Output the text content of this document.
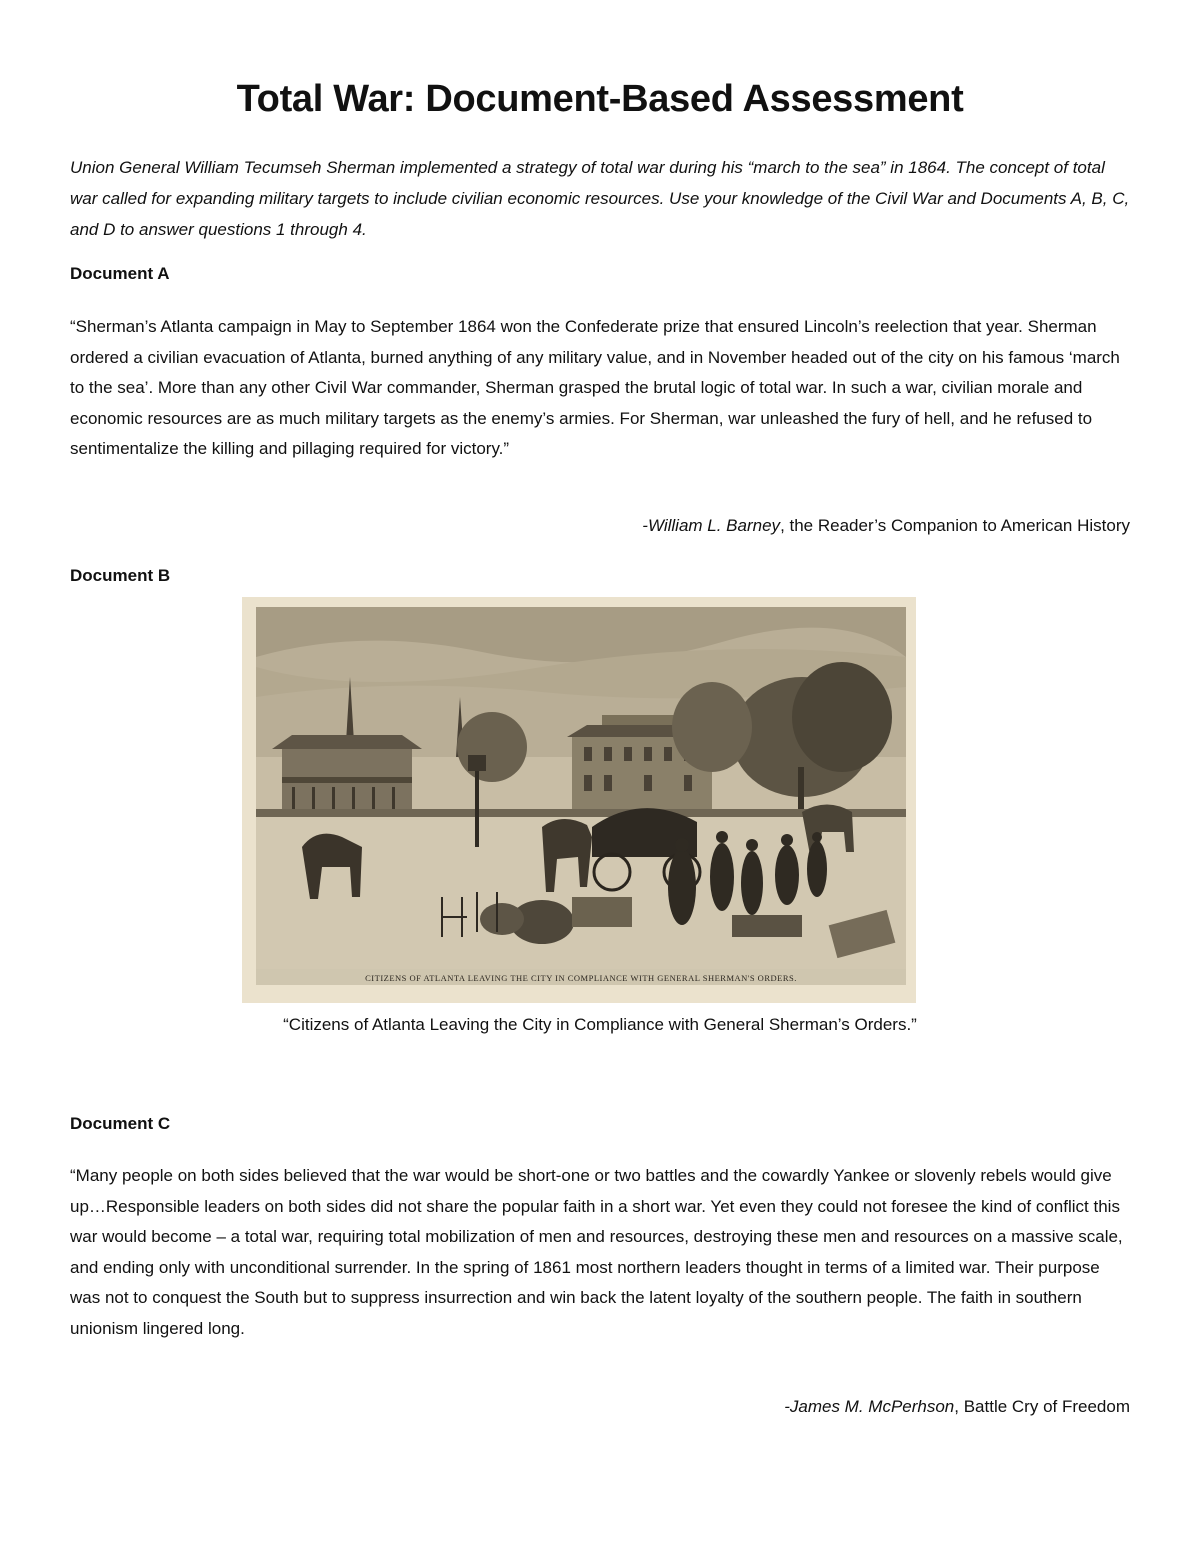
Total War: Document-Based Assessment

Union General William Tecumseh Sherman implemented a strategy of total war during his “march to the sea” in 1864. The concept of total war called for expanding military targets to include civilian economic resources. Use your knowledge of the Civil War and Documents A, B, C, and D to answer questions 1 through 4.

Document A

“Sherman’s Atlanta campaign in May to September 1864 won the Confederate prize that ensured Lincoln’s reelection that year. Sherman ordered a civilian evacuation of Atlanta, burned anything of any military value, and in November headed out of the city on his famous ‘march to the sea’. More than any other Civil War commander, Sherman grasped the brutal logic of total war. In such a war, civilian morale and economic resources are as much military targets as the enemy’s armies. For Sherman, war unleashed the fury of hell, and he refused to sentimentalize the killing and pillaging required for victory.”

-William L. Barney, the Reader’s Companion to American History

Document B

CITIZENS OF ATLANTA LEAVING THE CITY IN COMPLIANCE WITH GENERAL SHERMAN'S ORDERS.

“Citizens of Atlanta Leaving the City in Compliance with General Sherman’s Orders.”

Document C

“Many people on both sides believed that the war would be short-one or two battles and the cowardly Yankee or slovenly rebels would give up…Responsible leaders on both sides did not share the popular faith in a short war. Yet even they could not foresee the kind of conflict this war would become – a total war, requiring total mobilization of men and resources, destroying these men and resources on a massive scale, and ending only with unconditional surrender. In the spring of 1861 most northern leaders thought in terms of a limited war. Their purpose was not to conquest the South but to suppress insurrection and win back the latent loyalty of the southern people. The faith in southern unionism lingered long.

-James M. McPerhson, Battle Cry of Freedom
